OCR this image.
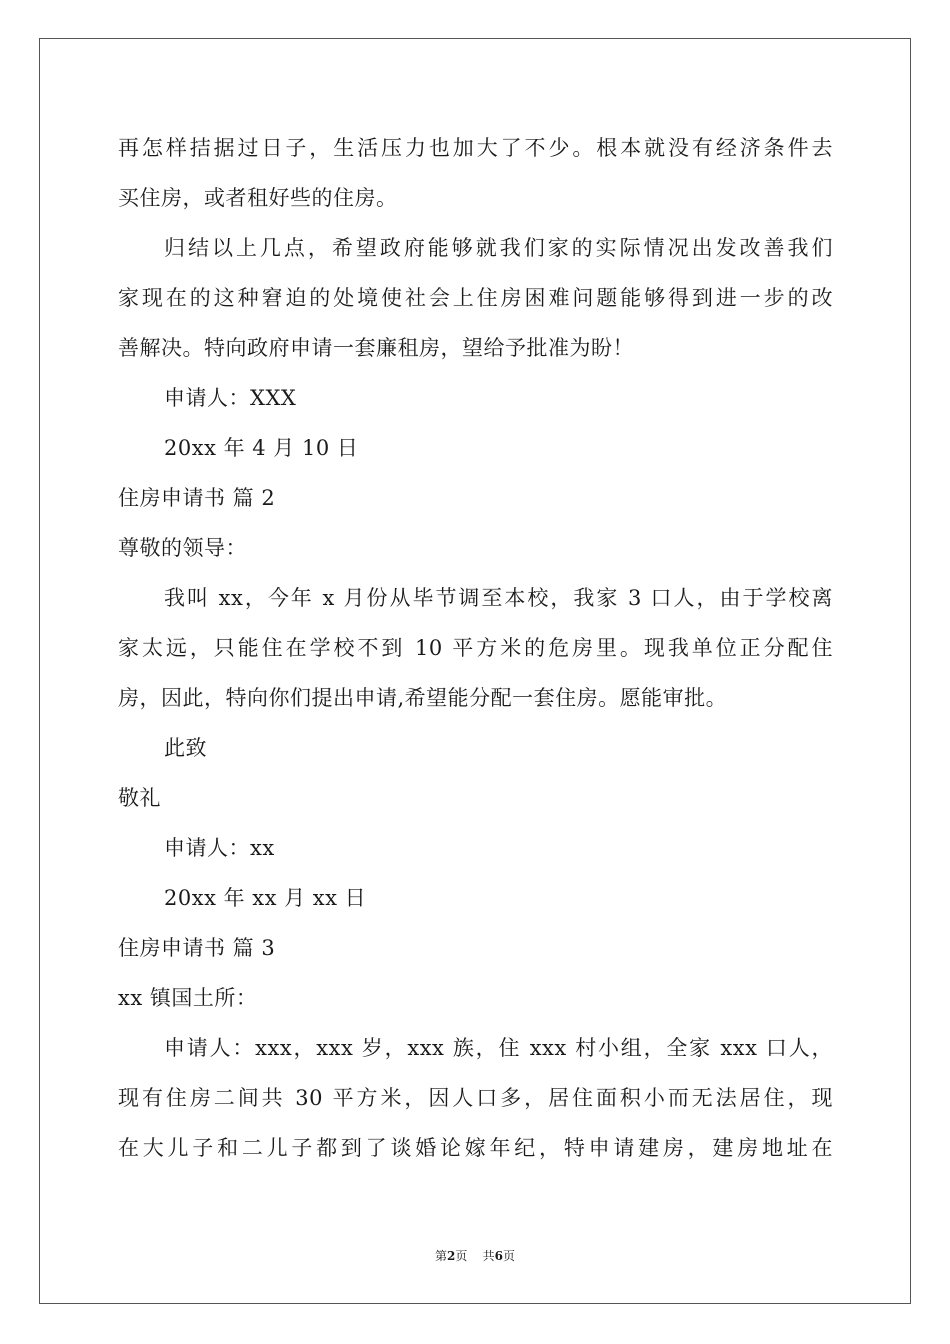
再怎样拮据过日子，生活压力也加大了不少。根本就没有经济条件去
买住房，或者租好些的住房。
归结以上几点，希望政府能够就我们家的实际情况出发改善我们
家现在的这种窘迫的处境使社会上住房困难问题能够得到进一步的改
善解决。特向政府申请一套廉租房，望给予批准为盼！
申请人：XXX
20xx 年 4 月 10 日
住房申请书 篇 2
尊敬的领导：
我叫 xx，今年 x 月份从毕节调至本校，我家 3 口人，由于学校离
家太远，只能住在学校不到 10 平方米的危房里。现我单位正分配住
房，因此，特向你们提出申请,希望能分配一套住房。愿能审批。
此致
敬礼
申请人：xx
20xx 年 xx 月 xx 日
住房申请书 篇 3
xx 镇国土所：
申请人：xxx，xxx 岁，xxx 族，住 xxx 村小组，全家 xxx 口人，
现有住房二间共 30 平方米，因人口多，居住面积小而无法居住，现
在大儿子和二儿子都到了谈婚论嫁年纪，特申请建房，建房地址在
第2页    共6页
